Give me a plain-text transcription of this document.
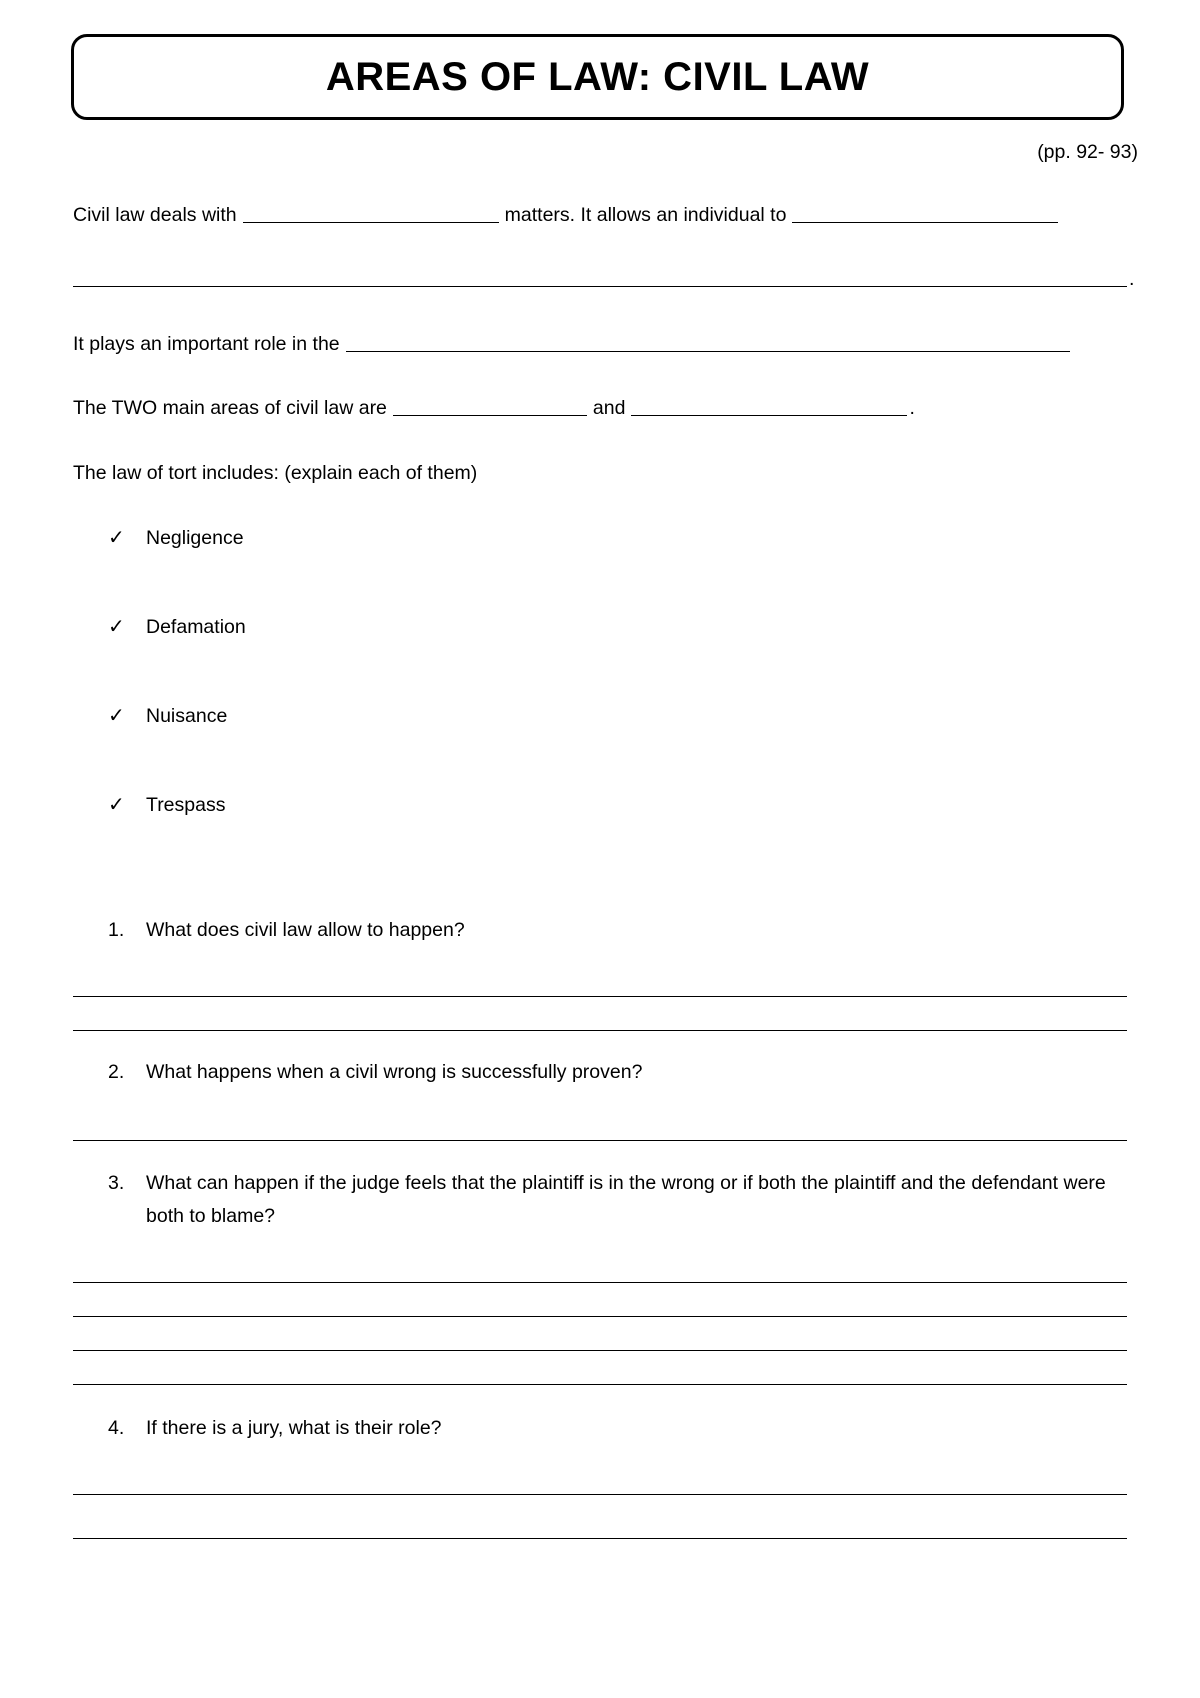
AREAS OF LAW: CIVIL LAW
(pp. 92- 93)
Civil law deals with	matters. It allows an individual to
.
It plays an important role in the
The TWO main areas of civil law are	and	.
The law of tort includes: (explain each of them)
✓ Negligence
✓ Defamation
✓ Nuisance
✓ Trespass
1. What does civil law allow to happen?
2. What happens when a civil wrong is successfully proven?
3. What can happen if the judge feels that the plaintiff is in the wrong or if both the plaintiff and the defendant were both to blame?
4. If there is a jury, what is their role?
